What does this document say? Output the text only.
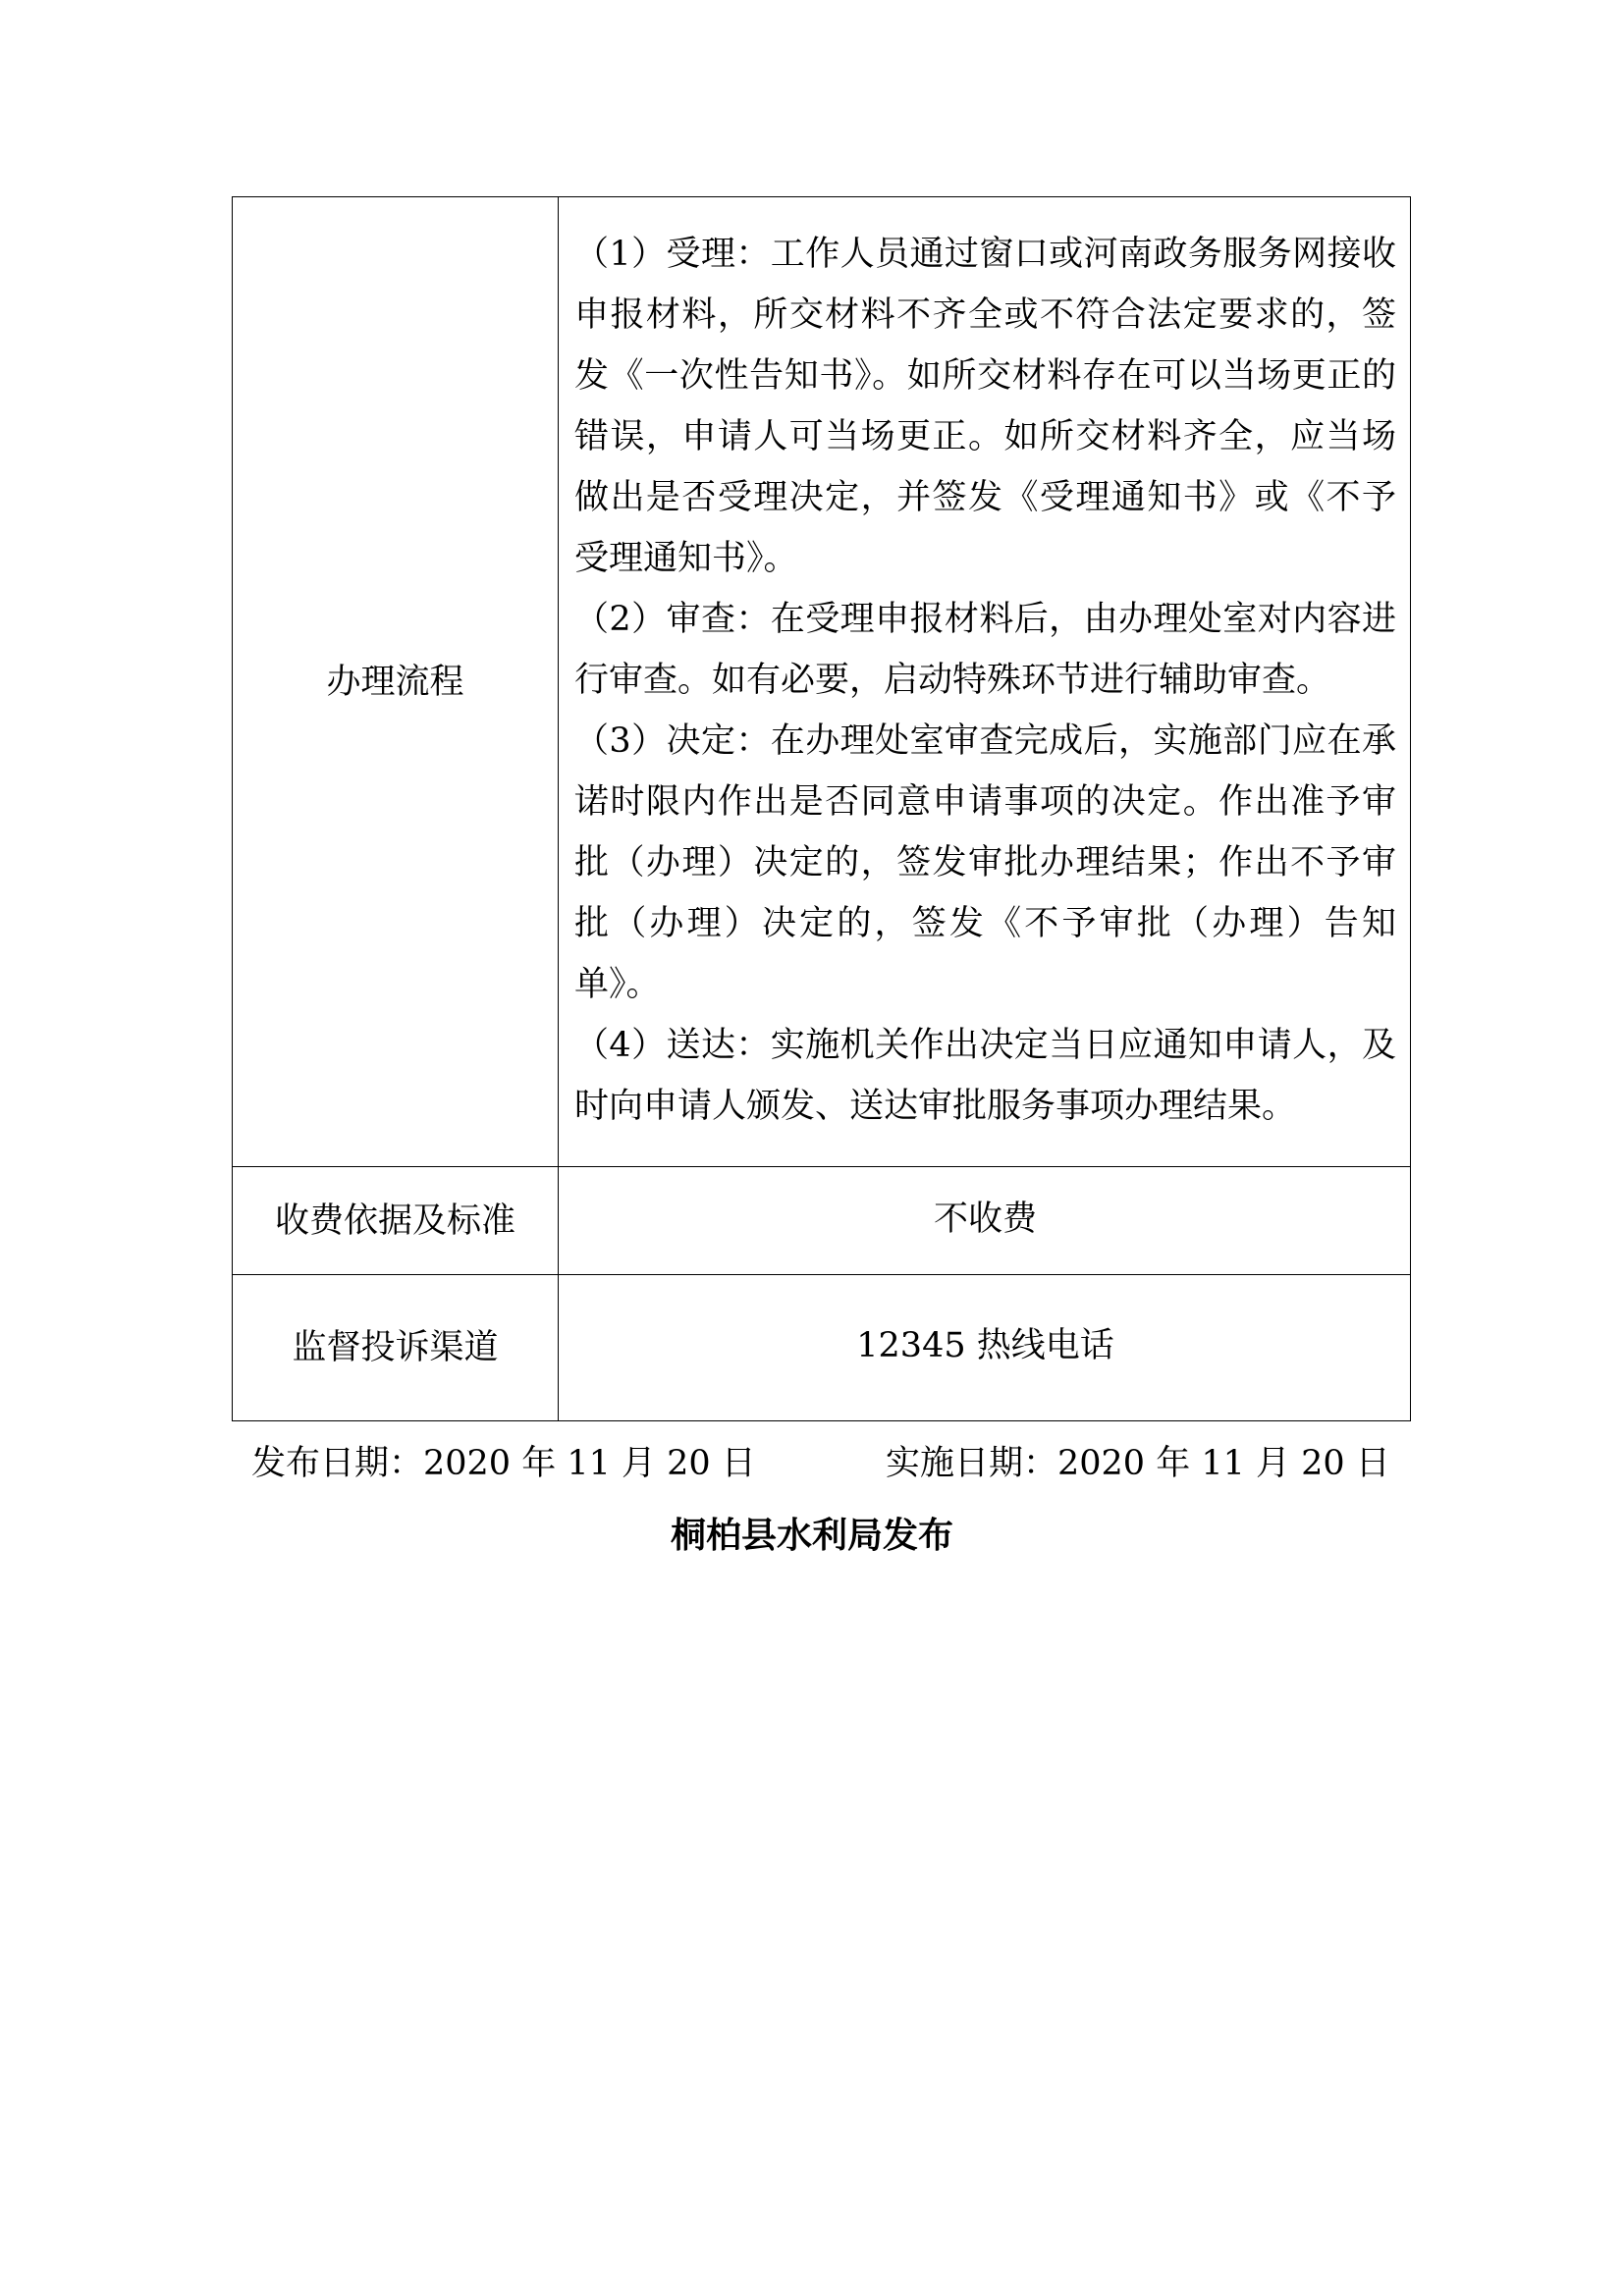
办理流程	（1）受理：工作人员通过窗口或河南政务服务网接收申报材料，所交材料不齐全或不符合法定要求的，签发《一次性告知书》。如所交材料存在可以当场更正的错误，申请人可当场更正。如所交材料齐全，应当场做出是否受理决定，并签发《受理通知书》或《不予受理通知书》。

（2）审查：在受理申报材料后，由办理处室对内容进行审查。如有必要，启动特殊环节进行辅助审查。

（3）决定：在办理处室审查完成后，实施部门应在承诺时限内作出是否同意申请事项的决定。作出准予审批（办理）决定的，签发审批办理结果；作出不予审批（办理）决定的，签发《不予审批（办理）告知单》。

（4）送达：实施机关作出决定当日应通知申请人，及时向申请人颁发、送达审批服务事项办理结果。

收费依据及标准	不收费
监督投诉渠道	12345 热线电话
发布日期：2020 年 11 月 20 日	实施日期：2020 年 11 月 20 日
桐柏县水利局发布
